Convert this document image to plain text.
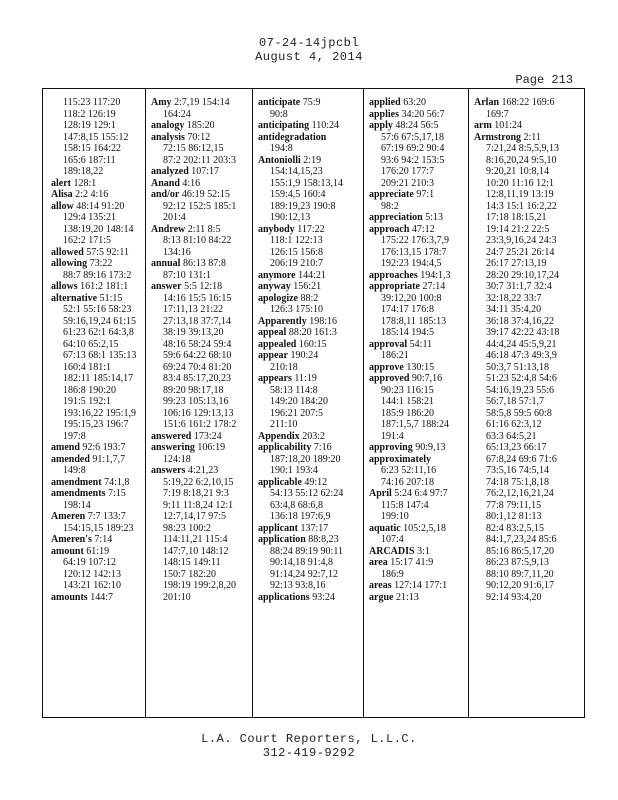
07-24-14jpcbl
August 4, 2014
Page 213
115:23 117:20
118:2 126:19
128:19 129:1
147:8,15 155:12
158:15 164:22
165:6 187:11
189:18,22
alert 128:1
Alisa 2:2 4:16
allow 48:14 91:20
129:4 135:21
138:19,20 148:14
162:2 171:5
allowed 57:5 92:11
allowing 73:22
88:7 89:16 173:2
allows 161:2 181:1
alternative 51:15
52:1 55:16 58:23
59:16,19,24 61:15
61:23 62:1 64:3,8
64:10 65:2,15
67:13 68:1 135:13
160:4 181:1
182:11 185:14,17
186:8 190:20
191:5 192:1
193:16,22 195:1,9
195:15,23 196:7
197:8
amend 92:6 193:7
amended 91:1,7,7
149:8
amendment 74:1,8
amendments 7:15
198:14
Ameren 7:7 133:7
154:15,15 189:23
Ameren's 7:14
amount 61:19
64:19 107:12
120:12 142:13
143:21 162:10
amounts 144:7
Amy 2:7,19 154:14
164:24
analogy 185:20
analysis 70:12
72:15 86:12,15
87:2 202:11 203:3
analyzed 107:17
Anand 4:16
and/or 46:19 52:15
92:12 152:5 185:1
201:4
Andrew 2:11 8:5
8:13 81:10 84:22
134:16
annual 86:13 87:8
87:10 131:1
answer 5:5 12:18
14:16 15:5 16:15
17:11,13 21:22
27:13,18 37:7,14
38:19 39:13,20
48:16 58:24 59:4
59:6 64:22 68:10
69:24 70:4 81:20
83:4 85:17,20,23
89:20 98:17,18
99:23 105:13,16
106:16 129:13,13
151:6 161:2 178:2
answered 173:24
answering 106:19
124:18
answers 4:21,23
5:19,22 6:2,10,15
7:19 8:18,21 9:3
9:11 11:8,24 12:1
12:7,14,17 97:5
98:23 100:2
114:11,21 115:4
147:7,10 148:12
148:15 149:11
150:7 182:20
198:19 199:2,8,20
201:10
anticipate 75:9
90:8
anticipating 110:24
antidegradation
194:8
Antoniolli 2:19
154:14,15,23
155:1,9 158:13,14
159:4,5 160:4
189:19,23 190:8
190:12,13
anybody 117:22
118:1 122:13
126:15 156:8
206:19 210:7
anymore 144:21
anyway 156:21
apologize 88:2
126:3 175:10
Apparently 198:16
appeal 88:20 161:3
appealed 160:15
appear 190:24
210:18
appears 11:19
58:13 114:8
149:20 184:20
196:21 207:5
211:10
Appendix 203:2
applicability 7:16
187:18,20 189:20
190:1 193:4
applicable 49:12
54:13 55:12 62:24
63:4,8 68:6,8
136:18 197:6,9
applicant 137:17
application 88:8,23
88:24 89:19 90:11
90:14,18 91:4,8
91:14,24 92:7,12
92:13 93:8,16
applications 93:24
applied 63:20
applies 34:20 56:7
apply 48:24 56:5
57:6 67:5,17,18
67:19 69:2 90:4
93:6 94:2 153:5
176:20 177:7
209:21 210:3
appreciate 97:1
98:2
appreciation 5:13
approach 47:12
175:22 176:3,7,9
176:13,15 178:7
192:23 194:4,5
approaches 194:1,3
appropriate 27:14
39:12,20 100:8
174:17 176:8
178:8,11 185:13
185:14 194:5
approval 54:11
186:21
approve 130:15
approved 90:7,16
90:23 116:15
144:1 158:21
185:9 186:20
187:1,5,7 188:24
191:4
approving 90:9,13
approximately
6:23 52:11,16
74:16 207:18
April 5:24 6:4 97:7
115:8 147:4
199:10
aquatic 105:2,5,18
107:4
ARCADIS 3:1
area 15:17 41:9
186:9
areas 127:14 177:1
argue 21:13
Arlan 168:22 169:6
169:7
arm 101:24
Armstrong 2:11
7:21,24 8:5,5,9,13
8:16,20,24 9:5,10
9:20,21 10:8,14
10:20 11:16 12:1
12:8,11,19 13:19
14:3 15:1 16:2,22
17:18 18:15,21
19:14 21:2 22:5
23:3,9,16,24 24:3
24:7 25:21 26:14
26:17 27:13,19
28:20 29:10,17,24
30:7 31:1,7 32:4
32:18,22 33:7
34:11 35:4,20
36:18 37:4,16,22
39:17 42:22 43:18
44:4,24 45:5,9,21
46:18 47:3 49:3,9
50:3,7 51:13,18
51:23 52:4,8 54:6
54:16,19,23 55:6
56:7,18 57:1,7
58:5,8 59:5 60:8
61:16 62:3,12
63:3 64:5,21
65:13,23 66:17
67:8,24 69:6 71:6
73:5,16 74:5,14
74:18 75:1,8,18
76:2,12,16,21,24
77:8 79:11,15
80:1,12 81:13
82:4 83:2,5,15
84:1,7,23,24 85:6
85:16 86:5,17,20
86:23 87:5,9,13
88:10 89:7,11,20
90:12,20 91:6,17
92:14 93:4,20
L.A. Court Reporters, L.L.C.
312-419-9292
